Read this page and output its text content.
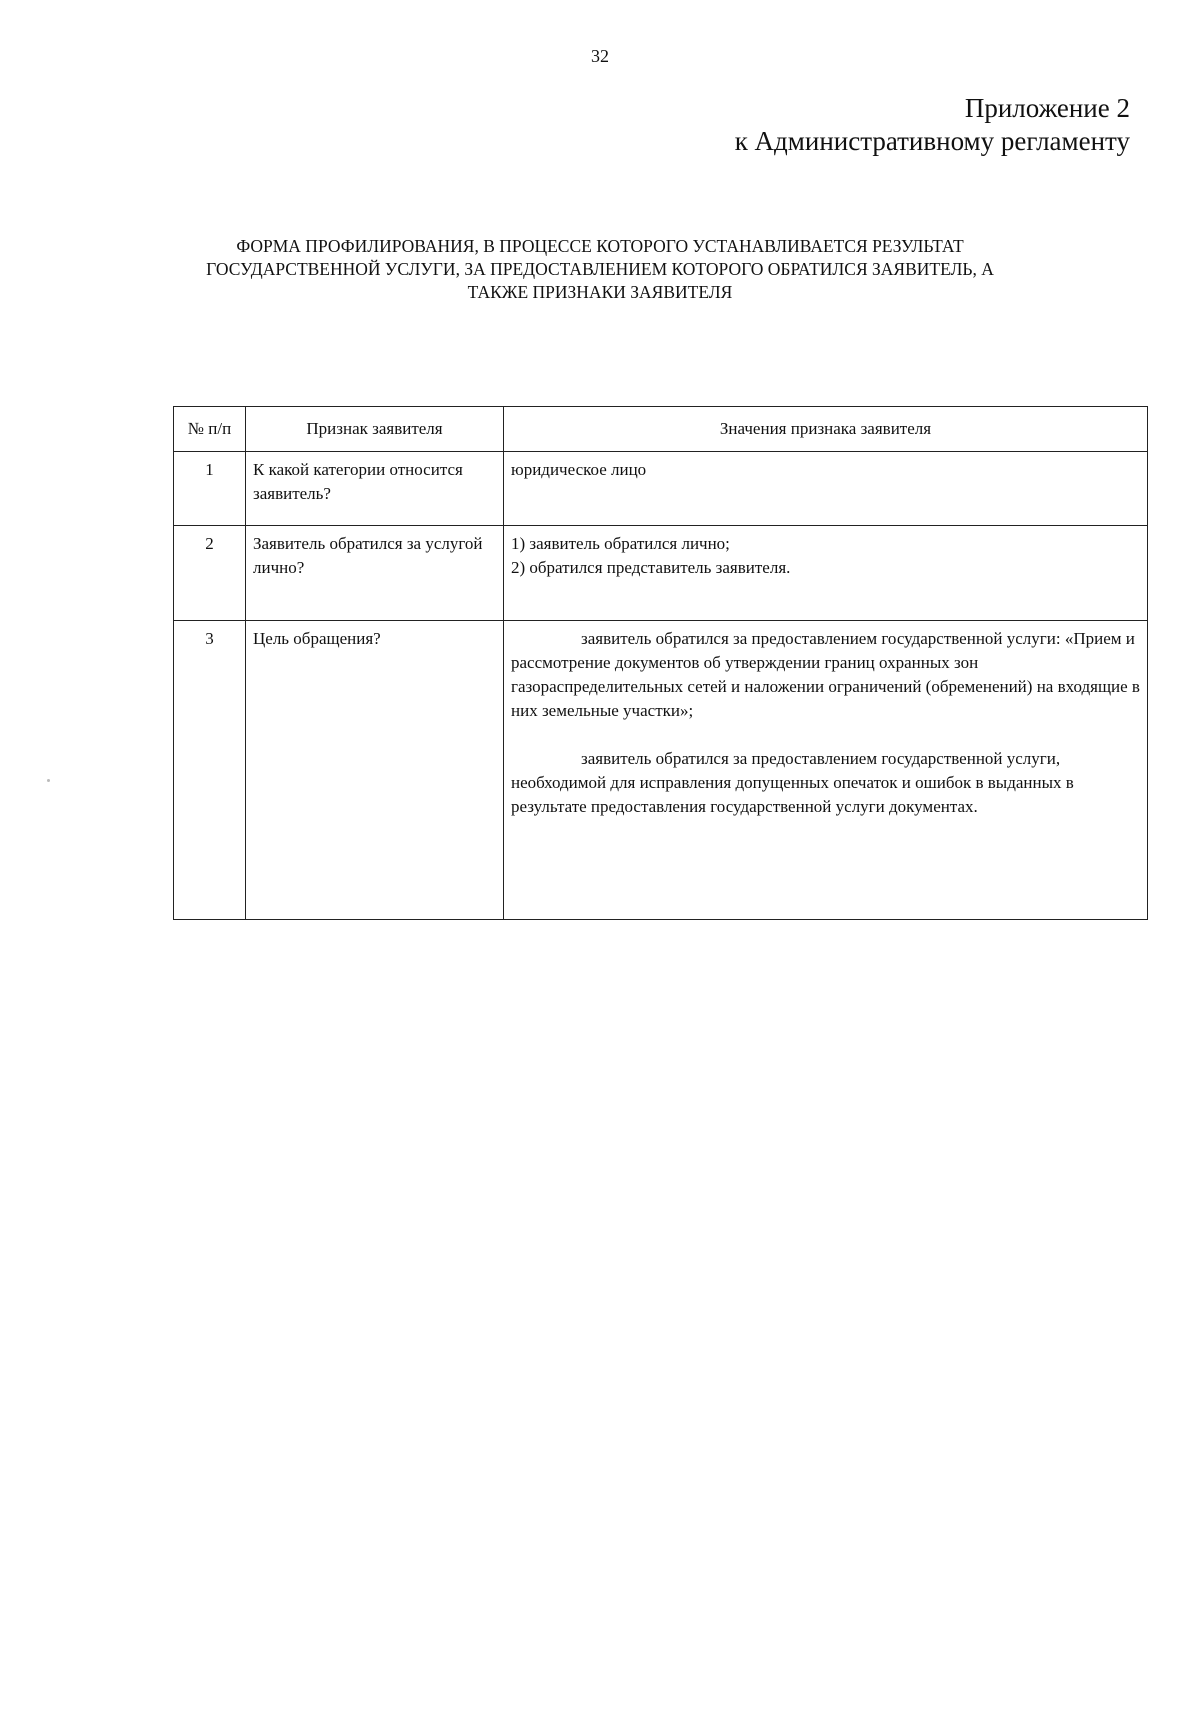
32
Приложение 2
к Административному регламенту
ФОРМА ПРОФИЛИРОВАНИЯ, В ПРОЦЕССЕ КОТОРОГО УСТАНАВЛИВАЕТСЯ РЕЗУЛЬТАТ
ГОСУДАРСТВЕННОЙ УСЛУГИ, ЗА ПРЕДОСТАВЛЕНИЕМ КОТОРОГО ОБРАТИЛСЯ ЗАЯВИТЕЛЬ, А
ТАКЖЕ ПРИЗНАКИ ЗАЯВИТЕЛЯ
№ п/п	Признак заявителя	Значения признака заявителя
1	К какой категории относится заявитель?	юридическое лицо

2	Заявитель обратился за услугой лично?	1) заявитель обратился лично;

2) обратился представитель заявителя.

3	Цель обращения?	заявитель обратился за предоставлением государственной услуги: «Прием и рассмотрение документов об утверждении границ охранных зон газораспределительных сетей и наложении ограничений (обременений) на входящие в них земельные участки»;

заявитель обратился за предоставлением государственной услуги, необходимой для исправления допущенных опечаток и ошибок в выданных в результате предоставления государственной услуги документах.
